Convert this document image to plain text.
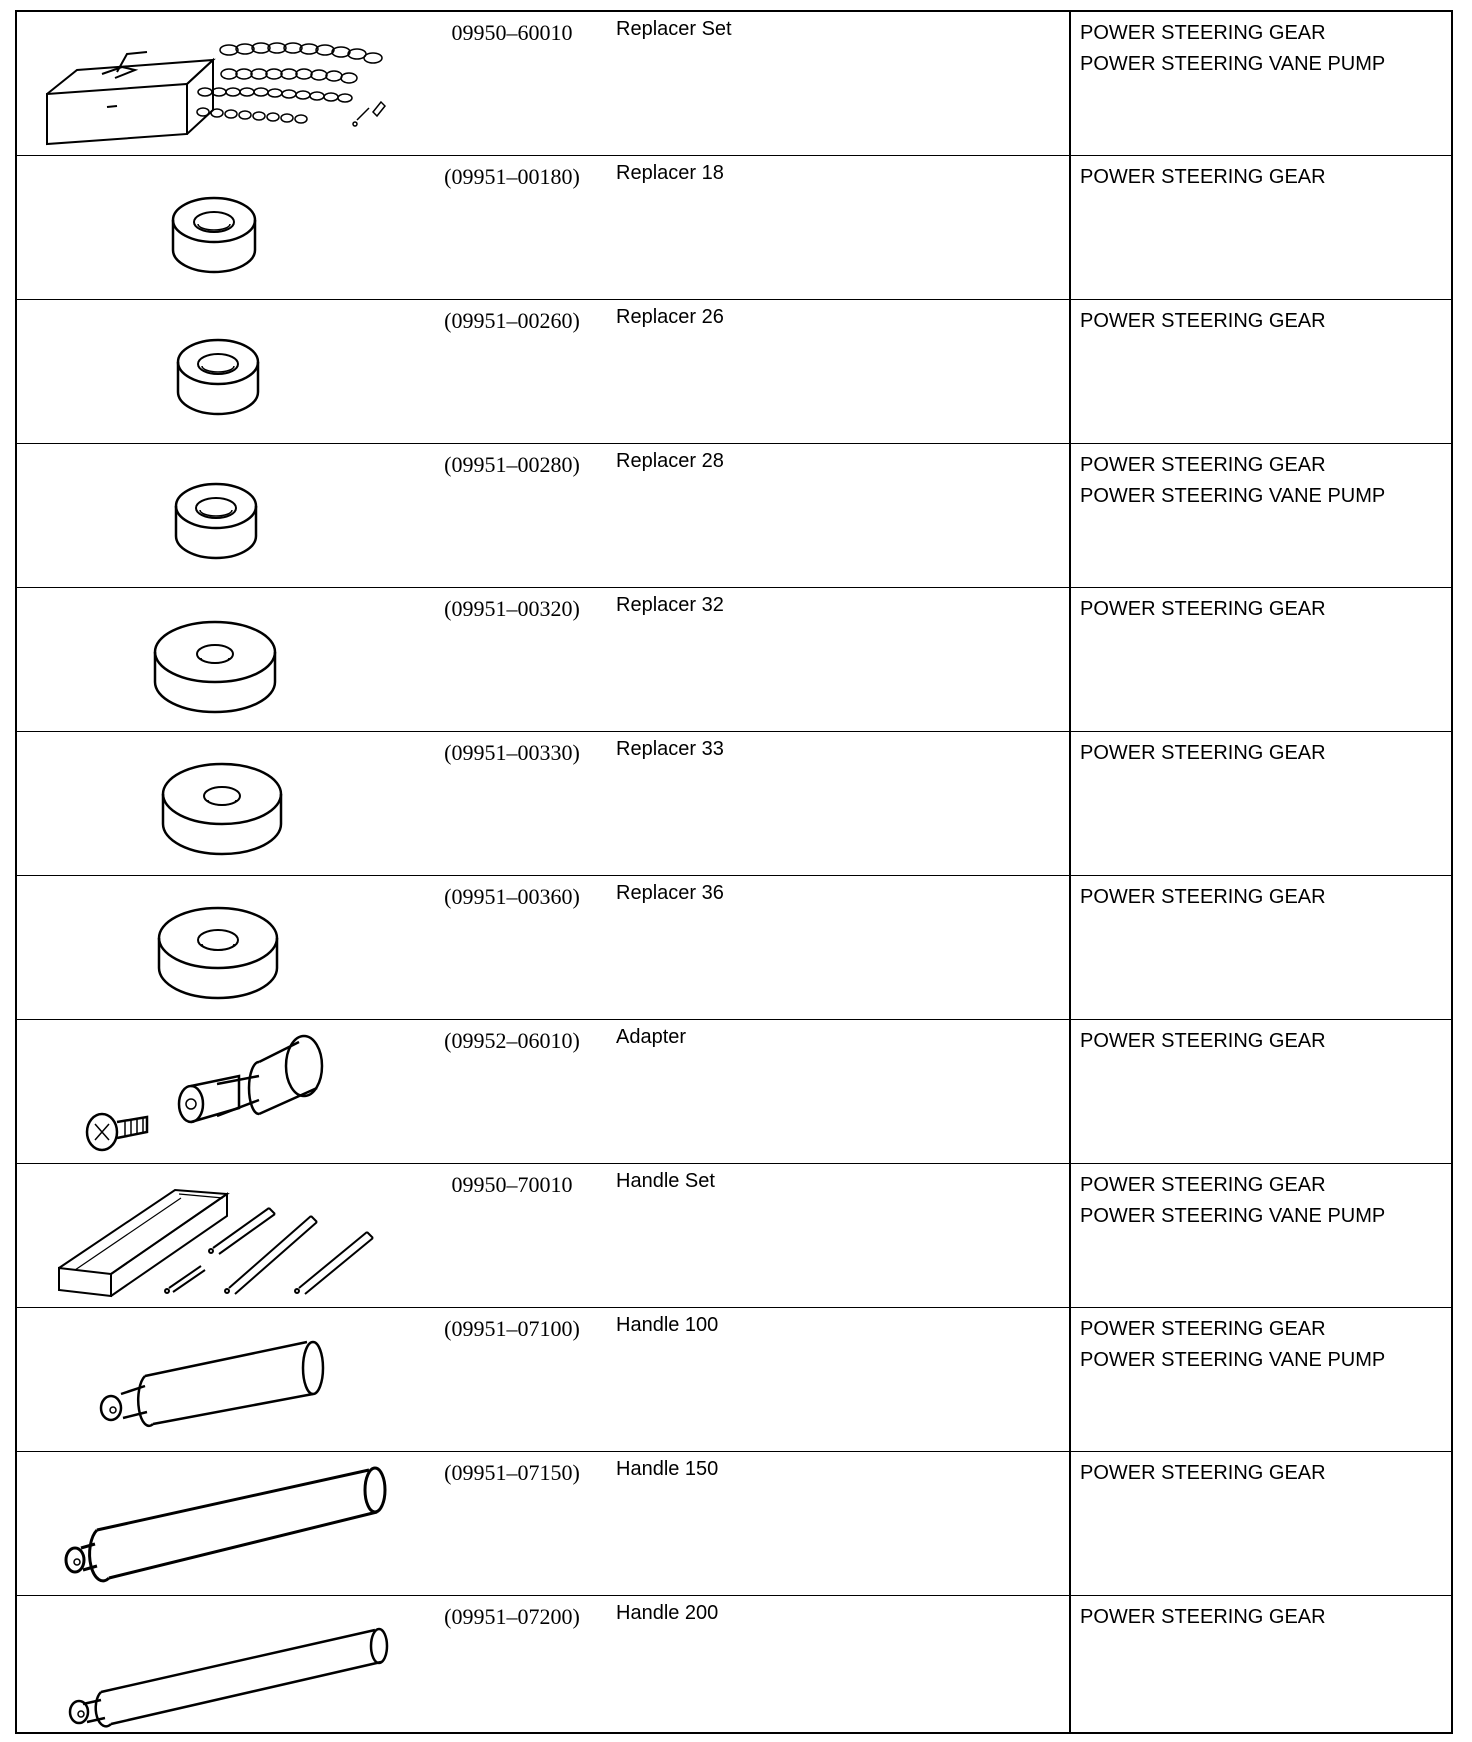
09950–60010	Replacer Set	POWER STEERING GEAR
POWER STEERING VANE PUMP
(09951–00180)	Replacer 18	POWER STEERING GEAR
(09951–00260)	Replacer 26	POWER STEERING GEAR
(09951–00280)	Replacer 28	POWER STEERING GEAR
POWER STEERING VANE PUMP
(09951–00320)	Replacer 32	POWER STEERING GEAR
(09951–00330)	Replacer 33	POWER STEERING GEAR
(09951–00360)	Replacer 36	POWER STEERING GEAR
(09952–06010)	Adapter	POWER STEERING GEAR
09950–70010	Handle Set	POWER STEERING GEAR
POWER STEERING VANE PUMP
(09951–07100)	Handle 100	POWER STEERING GEAR
POWER STEERING VANE PUMP
(09951–07150)	Handle 150	POWER STEERING GEAR
(09951–07200)	Handle 200	POWER STEERING GEAR
